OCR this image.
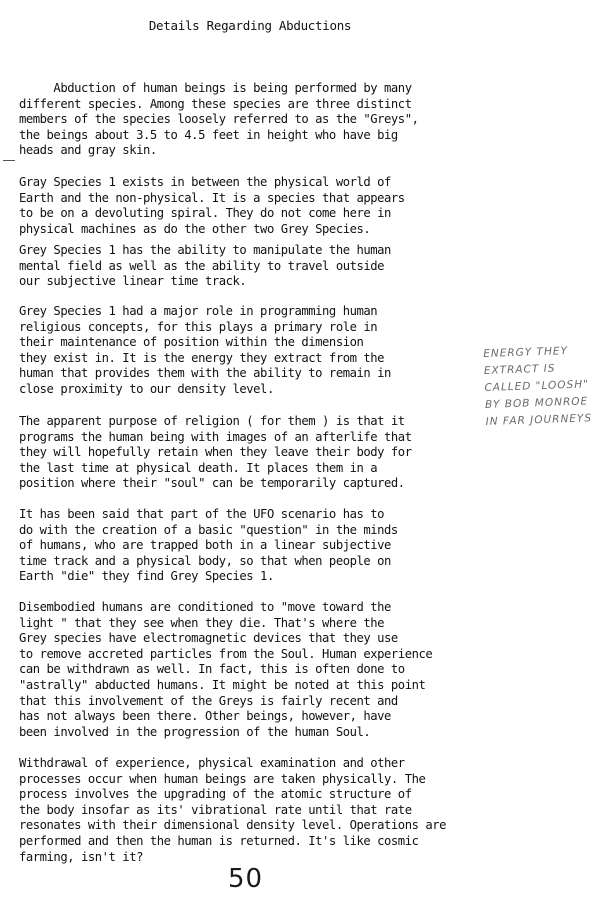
Details Regarding Abductions

Abduction of human beings is being performed by many
different species. Among these species are three distinct
members of the species loosely referred to as the "Greys",
the beings about 3.5 to 4.5 feet in height who have big
heads and gray skin.

Gray Species 1 exists in between the physical world of
Earth and the non-physical. It is a species that appears
to be on a devoluting spiral. They do not come here in
physical machines as do the other two Grey Species.

Grey Species 1 has the ability to manipulate the human
mental field as well as the ability to travel outside
our subjective linear time track.

Grey Species 1 had a major role in programming human
religious concepts, for this plays a primary role in
their maintenance of position within the dimension
they exist in. It is the energy they extract from the
human that provides them with the ability to remain in
close proximity to our density level.

The apparent purpose of religion ( for them ) is that it
programs the human being with images of an afterlife that
they will hopefully retain when they leave their body for
the last time at physical death. It places them in a
position where their "soul" can be temporarily captured.

It has been said that part of the UFO scenario has to
do with the creation of a basic "question" in the minds
of humans, who are trapped both in a linear subjective
time track and a physical body, so that when people on
Earth "die" they find Grey Species 1.

Disembodied humans are conditioned to "move toward the
light " that they see when they die. That's where the
Grey species have electromagnetic devices that they use
to remove accreted particles from the Soul. Human experience
can be withdrawn as well. In fact, this is often done to
"astrally" abducted humans. It might be noted at this point
that this involvement of the Greys is fairly recent and
has not always been there. Other beings, however, have
been involved in the progression of the human Soul.

Withdrawal of experience, physical examination and other
processes occur when human beings are taken physically. The
process involves the upgrading of the atomic structure of
the body insofar as its' vibrational rate until that rate
resonates with their dimensional density level. Operations are
performed and then the human is returned. It's like cosmic
farming, isn't it?

ENERGY THEY
EXTRACT IS
CALLED "LOOSH"
BY BOB MONROE
IN FAR JOURNEYS
50
